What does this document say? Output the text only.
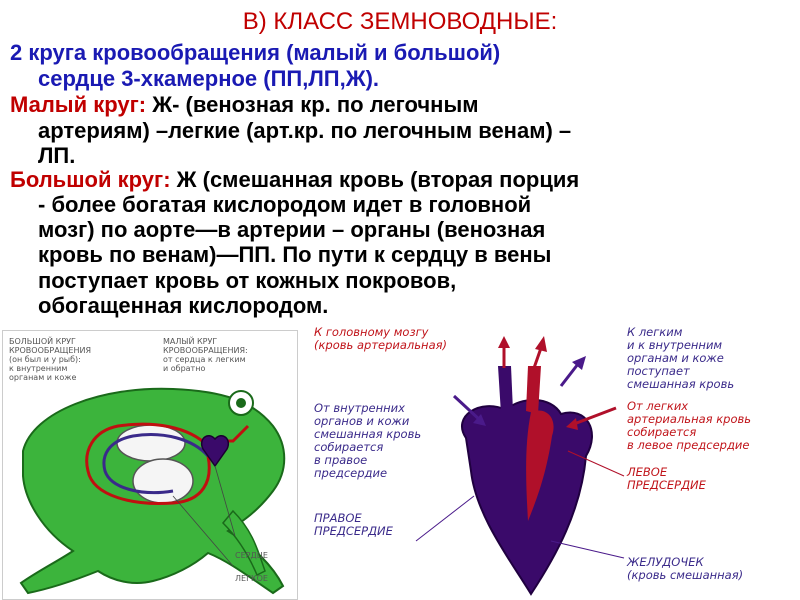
В) КЛАСС ЗЕМНОВОДНЫЕ:
2 круга кровообращения (малый и большой)
сердце 3-хкамерное (ПП,ЛП,Ж).
Малый круг: Ж- (венозная кр. по легочным
артериям) –легкие (арт.кр. по легочным венам) –
ЛП.
Большой круг: Ж (смешанная кровь (вторая порция
- более богатая кислородом идет в головной
мозг) по аорте—в артерии – органы (венозная
кровь по венам)—ПП. По пути к сердцу в вены
поступает кровь от кожных покровов,
обогащенная кислородом.
БОЛЬШОЙ КРУГ
КРОВООБРАЩЕНИЯ
(он был и у рыб):
к внутренним
органам и коже
МАЛЫЙ КРУГ
КРОВООБРАЩЕНИЯ:
от сердца к легким
и обратно
СЕРДЦЕ
ЛЕГКОЕ
К головному мозгу
(кровь артериальная)
К легким
и к внутренним
органам и коже
поступает
смешанная кровь
От внутренних
органов и кожи
смешанная кровь
собирается
в правое
предсердие
От легких
артериальная кровь
собирается
в левое предсердие
ЛЕВОЕ
ПРЕДСЕРДИЕ
ПРАВОЕ
ПРЕДСЕРДИЕ
ЖЕЛУДОЧЕК
(кровь смешанная)
